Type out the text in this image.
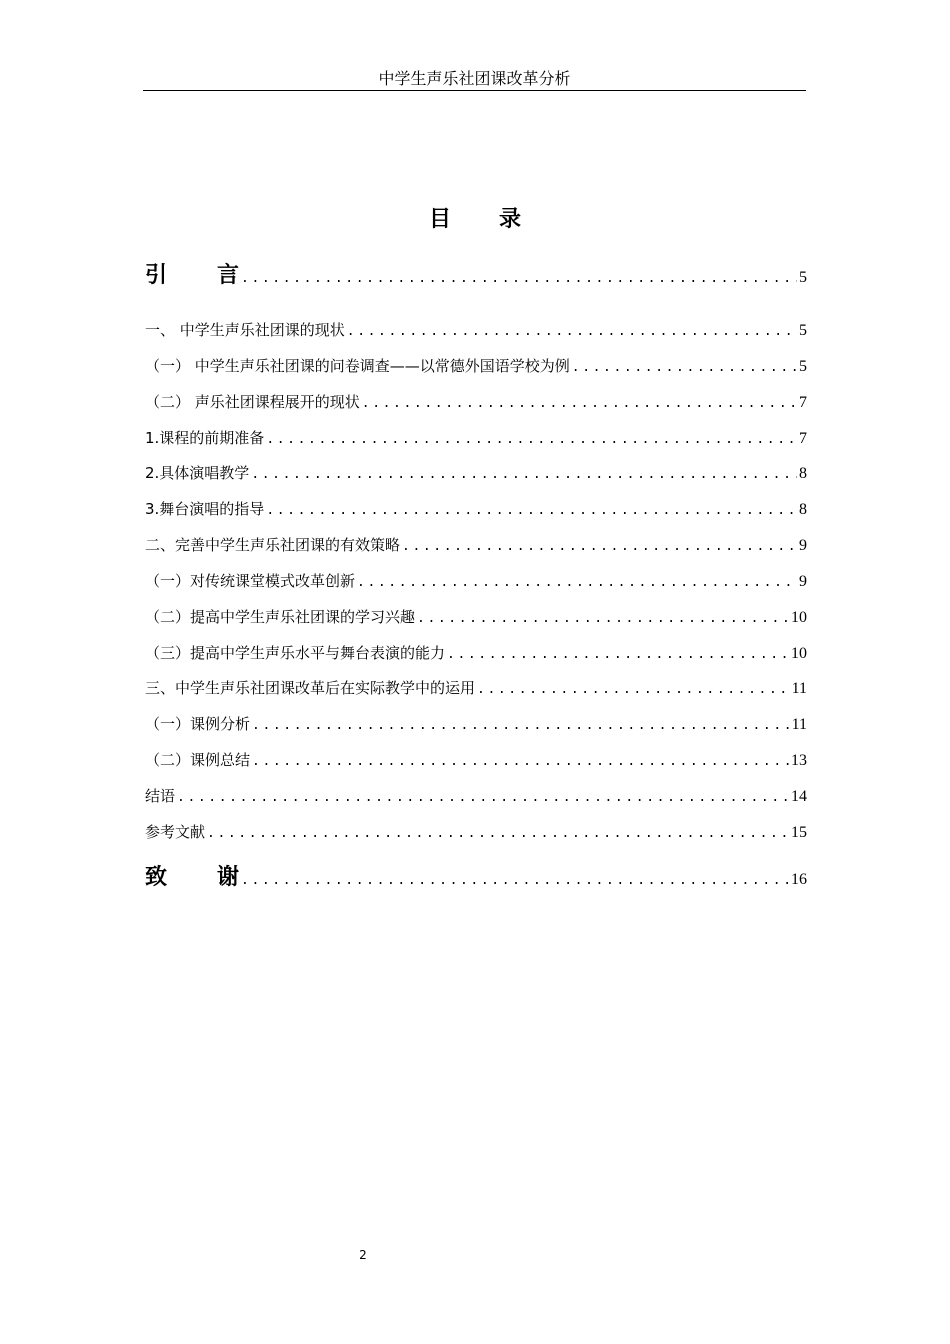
中学生声乐社团课改革分析
目 录
引 言 .....	5
一、 中学生声乐社团课的现状 .....	5
（一） 中学生声乐社团课的问卷调查——以常德外国语学校为例 .....	5
（二） 声乐社团课程展开的现状 .....	7
1.课程的前期准备 .....	7
2.具体演唱教学 .....	8
3.舞台演唱的指导 .....	8
二、完善中学生声乐社团课的有效策略 .....	9
（一）对传统课堂模式改革创新 .....	9
（二）提高中学生声乐社团课的学习兴趣 .....	10
（三）提高中学生声乐水平与舞台表演的能力 .....	10
三、中学生声乐社团课改革后在实际教学中的运用 .....	11
（一）课例分析 .....	11
（二）课例总结 .....	13
结语 .....	14
参考文献 .....	15
致 谢 .....	16
2
